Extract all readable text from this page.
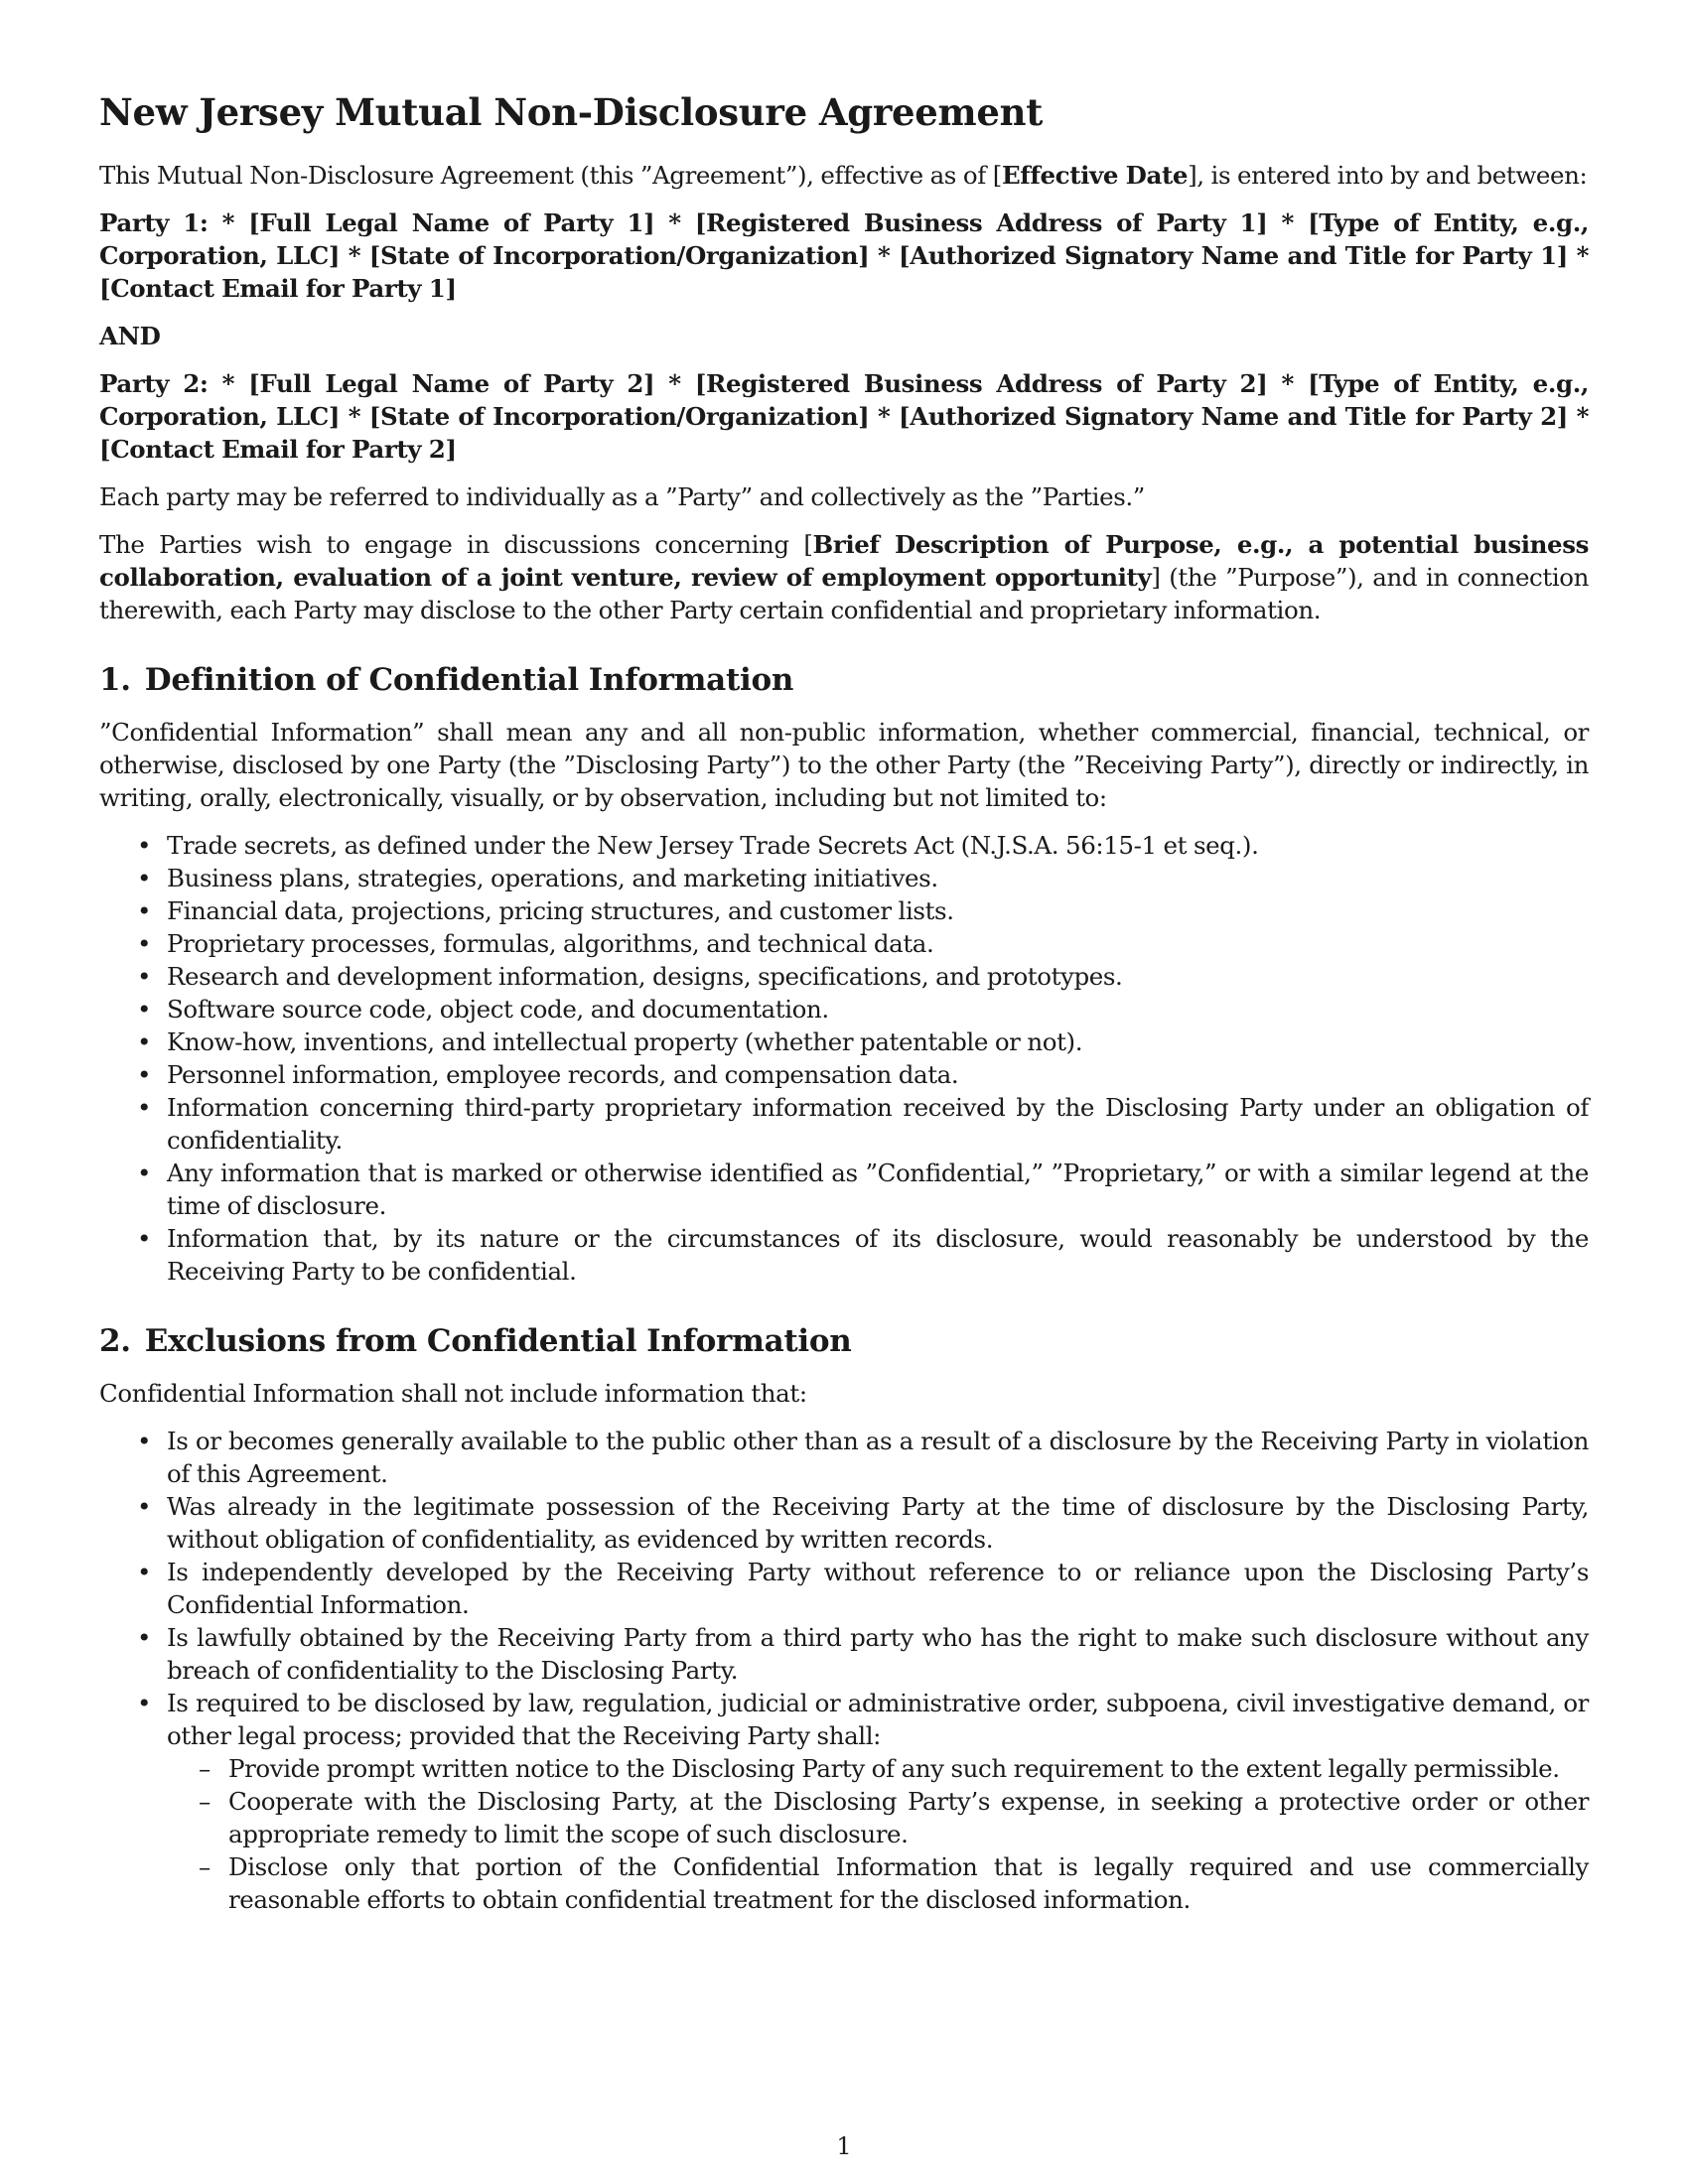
New Jersey Mutual Non-Disclosure Agreement

This Mutual Non-Disclosure Agreement (this ”Agreement”), effective as of [Effective Date], is entered into by and between:

Party 1: * [Full Legal Name of Party 1] * [Registered Business Address of Party 1] * [Type of Entity, e.g., Corporation, LLC] * [State of Incorporation/Organization] * [Authorized Signatory Name and Title for Party 1] * [Contact Email for Party 1]

AND

Party 2: * [Full Legal Name of Party 2] * [Registered Business Address of Party 2] * [Type of Entity, e.g., Corporation, LLC] * [State of Incorporation/Organization] * [Authorized Signatory Name and Title for Party 2] * [Contact Email for Party 2]

Each party may be referred to individually as a ”Party” and collectively as the ”Parties.”

The Parties wish to engage in discussions concerning [Brief Description of Purpose, e.g., a potential business collaboration, evaluation of a joint venture, review of employment opportunity] (the ”Purpose”), and in connection therewith, each Party may disclose to the other Party certain confidential and proprietary information.

1. Definition of Confidential Information

”Confidential Information” shall mean any and all non-public information, whether commercial, financial, technical, or otherwise, disclosed by one Party (the ”Disclosing Party”) to the other Party (the ”Receiving Party”), directly or indirectly, in writing, orally, electronically, visually, or by observation, including but not limited to:

• Trade secrets, as defined under the New Jersey Trade Secrets Act (N.J.S.A. 56:15-1 et seq.).
• Business plans, strategies, operations, and marketing initiatives.
• Financial data, projections, pricing structures, and customer lists.
• Proprietary processes, formulas, algorithms, and technical data.
• Research and development information, designs, specifications, and prototypes.
• Software source code, object code, and documentation.
• Know-how, inventions, and intellectual property (whether patentable or not).
• Personnel information, employee records, and compensation data.
• Information concerning third-party proprietary information received by the Disclosing Party under an obligation of confidentiality.
• Any information that is marked or otherwise identified as ”Confidential,” ”Proprietary,” or with a similar legend at the time of disclosure.
• Information that, by its nature or the circumstances of its disclosure, would reasonably be understood by the Receiving Party to be confidential.
2. Exclusions from Confidential Information

Confidential Information shall not include information that:

• Is or becomes generally available to the public other than as a result of a disclosure by the Receiving Party in violation of this Agreement.
• Was already in the legitimate possession of the Receiving Party at the time of disclosure by the Disclosing Party, without obligation of confidentiality, as evidenced by written records.
• Is independently developed by the Receiving Party without reference to or reliance upon the Disclosing Party’s Confidential Information.
• Is lawfully obtained by the Receiving Party from a third party who has the right to make such disclosure without any breach of confidentiality to the Disclosing Party.
• Is required to be disclosed by law, regulation, judicial or administrative order, subpoena, civil investigative demand, or other legal process; provided that the Receiving Party shall:
– Provide prompt written notice to the Disclosing Party of any such requirement to the extent legally permissible.
– Cooperate with the Disclosing Party, at the Disclosing Party’s expense, in seeking a protective order or other appropriate remedy to limit the scope of such disclosure.
– Disclose only that portion of the Confidential Information that is legally required and use commercially reasonable efforts to obtain confidential treatment for the disclosed information.
1
